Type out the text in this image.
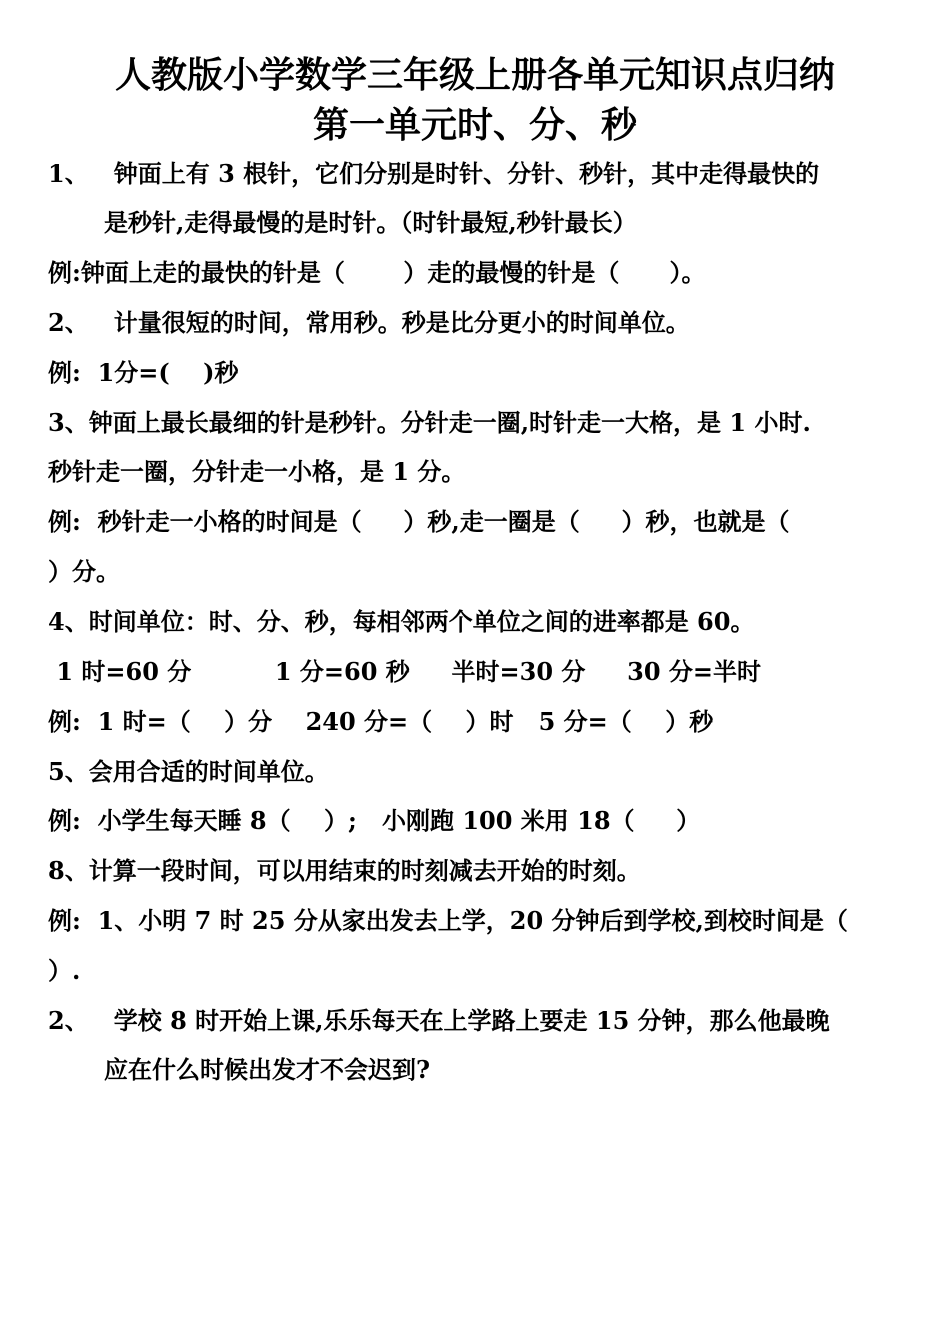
人教版小学数学三年级上册各单元知识点归纳
第一单元时、分、秒
1、   钟面上有 3 根针，它们分别是时针、分针、秒针，其中走得最快的
是秒针,走得最慢的是时针。（时针最短,秒针最长）
例:钟面上走的最快的针是（       ）走的最慢的针是（      ）。
2、   计量很短的时间，常用秒。秒是比分更小的时间单位。
例:  1分=(    )秒
3、钟面上最长最细的针是秒针。分针走一圈,时针走一大格，是 1 小时.
秒针走一圈，分针走一小格，是 1 分。
例:  秒针走一小格的时间是（     ）秒,走一圈是（     ）秒，也就是（
）分。
4、时间单位：时、分、秒，每相邻两个单位之间的进率都是 60。
1 时=60 分          1 分=60 秒     半时=30 分     30 分=半时
例:  1 时=（    ）分    240 分=（    ）时   5 分=（    ）秒
5、会用合适的时间单位。
例:  小学生每天睡 8（    ）;   小刚跑 100 米用 18（     ）
8、计算一段时间，可以用结束的时刻减去开始的时刻。
例:  1、小明 7 时 25 分从家出发去上学，20 分钟后到学校,到校时间是（
）.
2、   学校 8 时开始上课,乐乐每天在上学路上要走 15 分钟，那么他最晚
应在什么时候出发才不会迟到?
